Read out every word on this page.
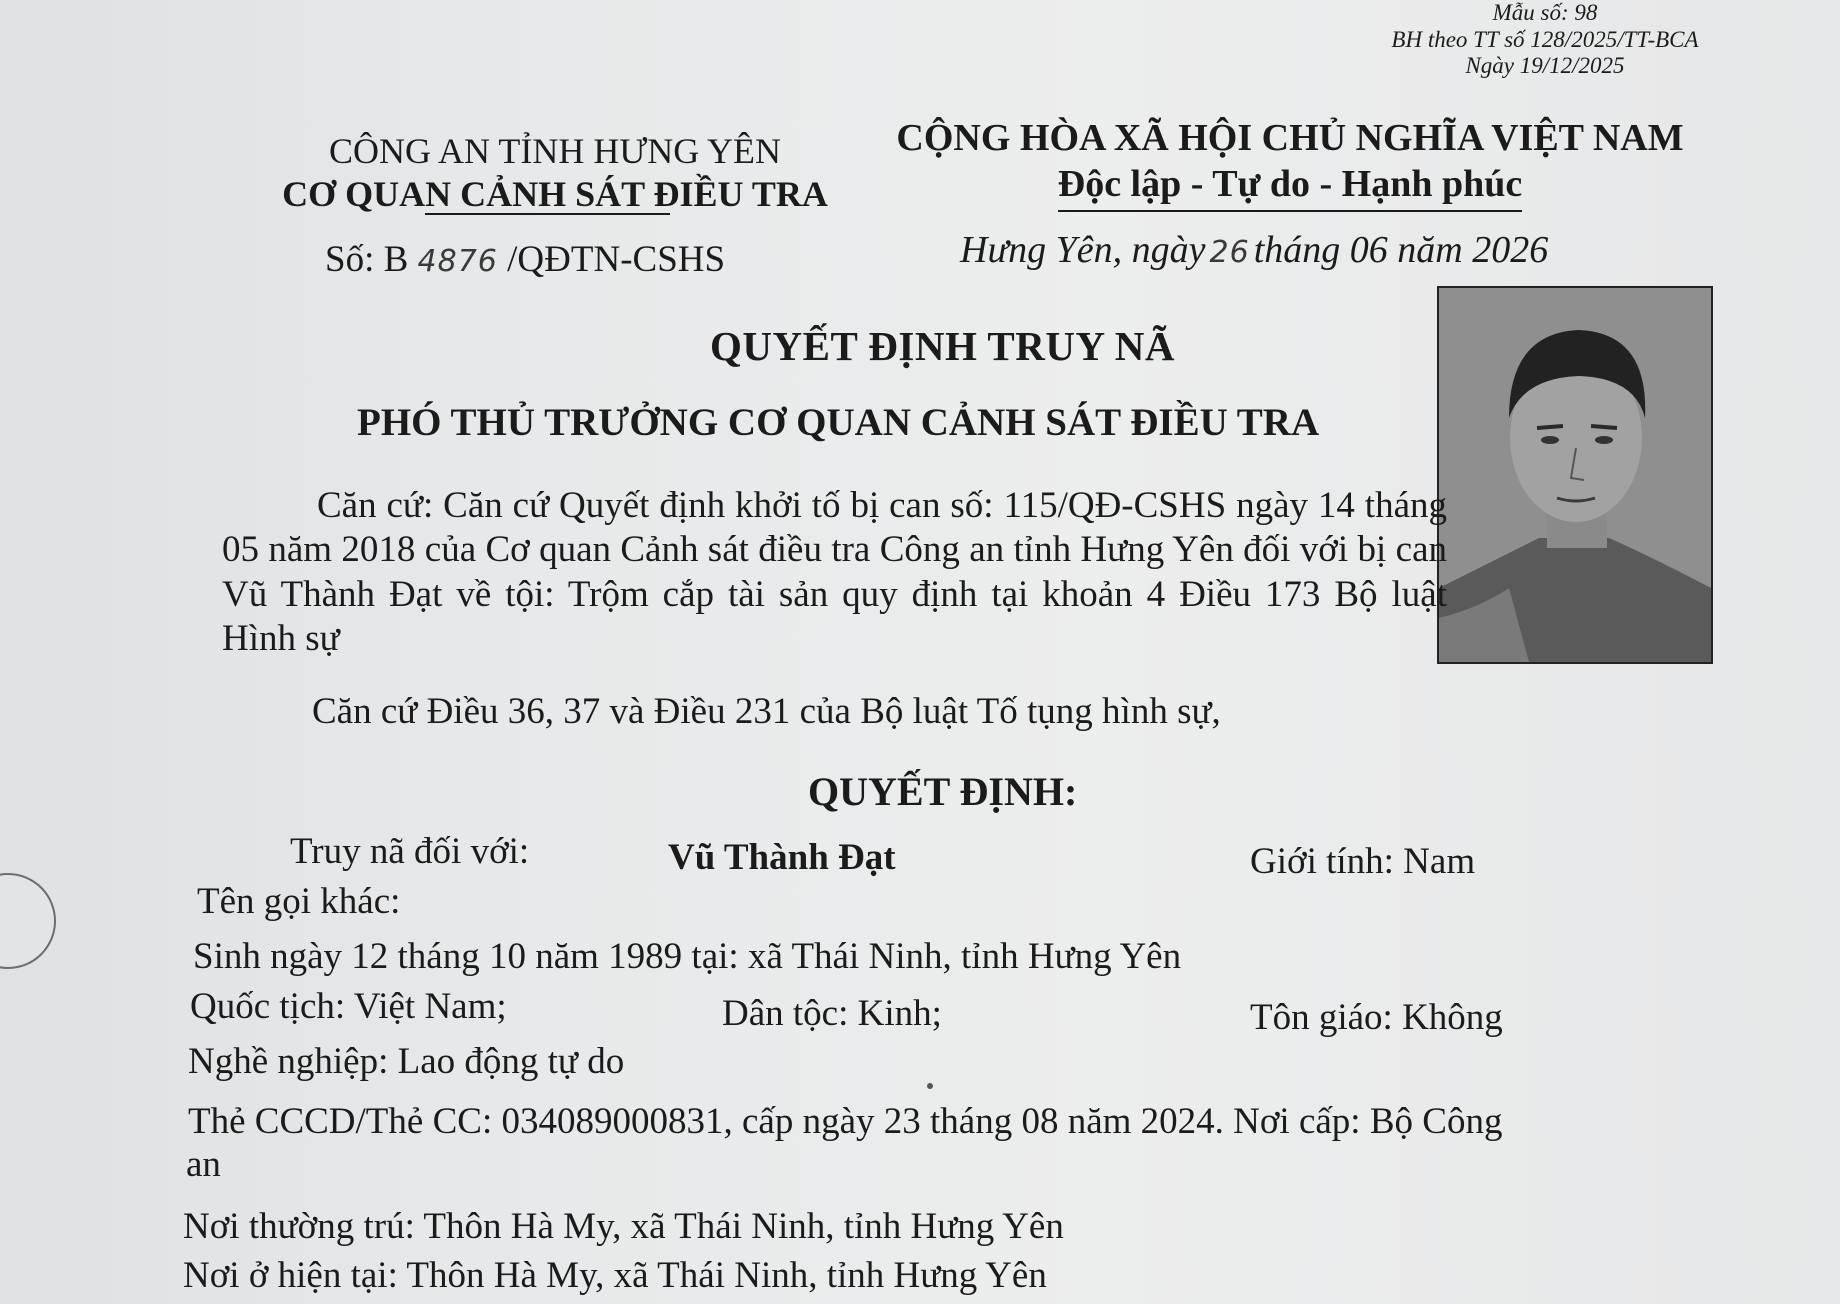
Mẫu số: 98
BH theo TT số 128/2025/TT-BCA
Ngày 19/12/2025
CÔNG AN TỈNH HƯNG YÊN
CƠ QUAN CẢNH SÁT ĐIỀU TRA
Số: B 4876 /QĐTN-CSHS
CỘNG HÒA XÃ HỘI CHỦ NGHĨA VIỆT NAM
Độc lập - Tự do - Hạnh phúc
Hưng Yên, ngày 26 tháng 06 năm 2026
QUYẾT ĐỊNH TRUY NÃ
PHÓ THỦ TRƯỞNG CƠ QUAN CẢNH SÁT ĐIỀU TRA
Căn cứ: Căn cứ Quyết định khởi tố bị can số: 115/QĐ-CSHS ngày 14 tháng 05 năm 2018 của Cơ quan Cảnh sát điều tra Công an tỉnh Hưng Yên đối với bị can Vũ Thành Đạt về tội: Trộm cắp tài sản quy định tại khoản 4 Điều 173 Bộ luật Hình sự
Căn cứ Điều 36, 37 và Điều 231 của Bộ luật Tố tụng hình sự,
QUYẾT ĐỊNH:
Truy nã đối với:	Vũ Thành Đạt	Giới tính: Nam
Tên gọi khác:
Sinh ngày 12 tháng 10 năm 1989 tại: xã Thái Ninh, tỉnh Hưng Yên
Quốc tịch: Việt Nam;	Dân tộc: Kinh;	Tôn giáo: Không
Nghề nghiệp: Lao động tự do
Thẻ CCCD/Thẻ CC: 034089000831, cấp ngày 23 tháng 08 năm 2024. Nơi cấp: Bộ Công
an
Nơi thường trú: Thôn Hà My, xã Thái Ninh, tỉnh Hưng Yên
Nơi ở hiện tại: Thôn Hà My, xã Thái Ninh, tỉnh Hưng Yên
